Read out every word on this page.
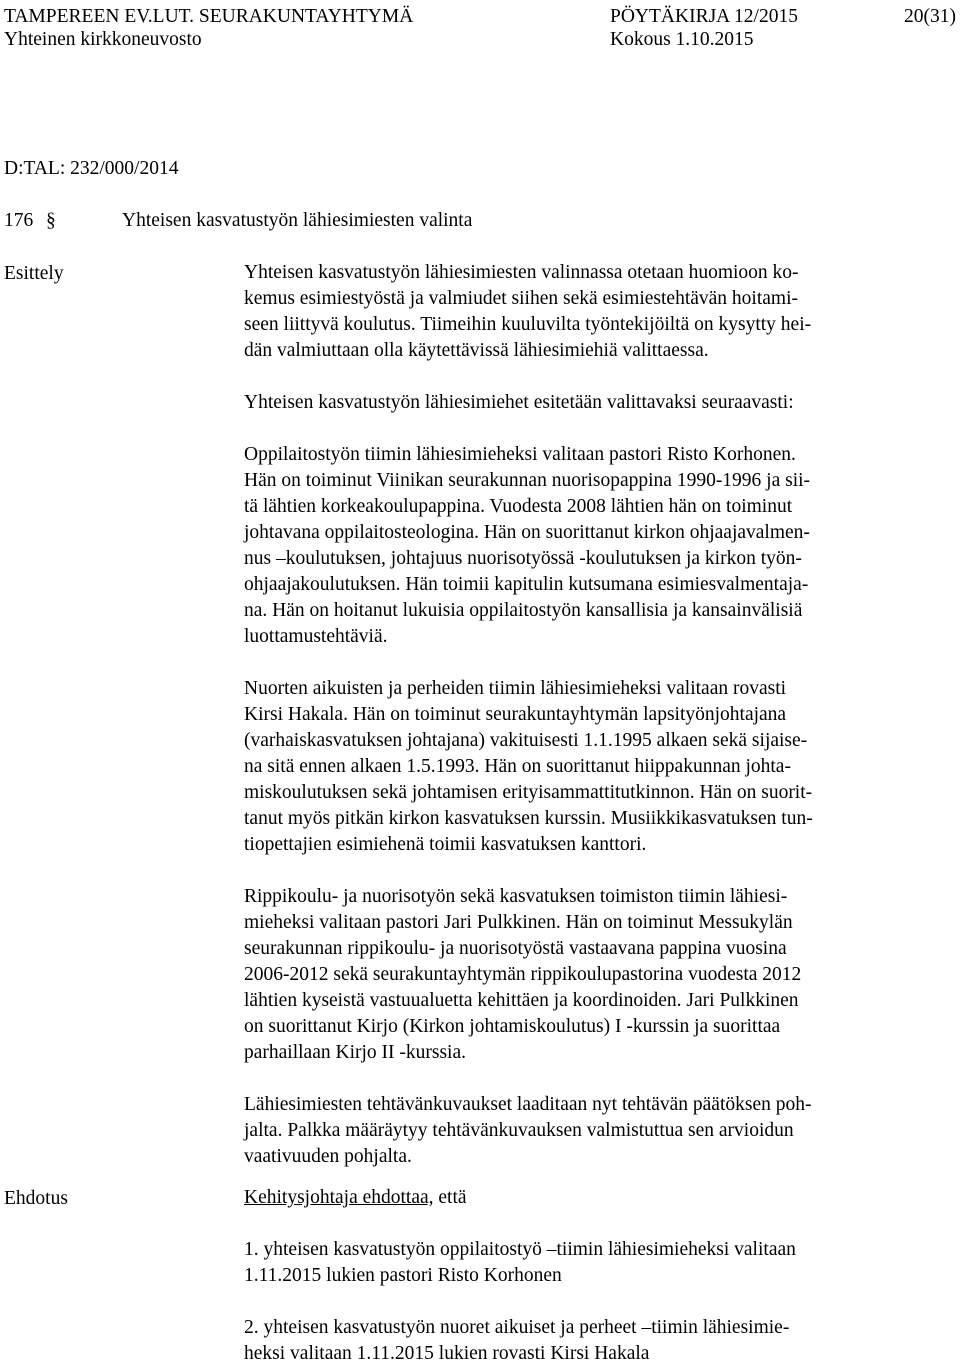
TAMPEREEN EV.LUT. SEURAKUNTAYHTYMÄ	PÖYTÄKIRJA 12/2015	20(31)
Yhteinen kirkkoneuvosto	Kokous 1.10.2015
D:TAL: 232/000/2014
176 §	Yhteisen kasvatustyön lähiesimiesten valinta
Esittely	Yhteisen kasvatustyön lähiesimiesten valinnassa otetaan huomioon ko-

kemus esimiestyöstä ja valmiudet siihen sekä esimiestehtävän hoitami-

seen liittyvä koulutus. Tiimeihin kuuluvilta työntekijöiltä on kysytty hei-

dän valmiuttaan olla käytettävissä lähiesimiehiä valittaessa.

Yhteisen kasvatustyön lähiesimiehet esitetään valittavaksi seuraavasti:

Oppilaitostyön tiimin lähiesimieheksi valitaan pastori Risto Korhonen.

Hän on toiminut Viinikan seurakunnan nuorisopappina 1990-1996 ja sii-

tä lähtien korkeakoulupappina. Vuodesta 2008 lähtien hän on toiminut

johtavana oppilaitosteologina. Hän on suorittanut kirkon ohjaajavalmen-

nus –koulutuksen, johtajuus nuorisotyössä -koulutuksen ja kirkon työn-

ohjaajakoulutuksen. Hän toimii kapitulin kutsumana esimiesvalmentaja-

na. Hän on hoitanut lukuisia oppilaitostyön kansallisia ja kansainvälisiä

luottamustehtäviä.

Nuorten aikuisten ja perheiden tiimin lähiesimieheksi valitaan rovasti

Kirsi Hakala. Hän on toiminut seurakuntayhtymän lapsityönjohtajana

(varhaiskasvatuksen johtajana) vakituisesti 1.1.1995 alkaen sekä sijaise-

na sitä ennen alkaen 1.5.1993. Hän on suorittanut hiippakunnan johta-

miskoulutuksen sekä johtamisen erityisammattitutkinnon. Hän on suorit-

tanut myös pitkän kirkon kasvatuksen kurssin. Musiikkikasvatuksen tun-

tiopettajien esimiehenä toimii kasvatuksen kanttori.

Rippikoulu- ja nuorisotyön sekä kasvatuksen toimiston tiimin lähiesi-

mieheksi valitaan pastori Jari Pulkkinen. Hän on toiminut Messukylän

seurakunnan rippikoulu- ja nuorisotyöstä vastaavana pappina vuosina

2006-2012 sekä seurakuntayhtymän rippikoulupastorina vuodesta 2012

lähtien kyseistä vastuualuetta kehittäen ja koordinoiden. Jari Pulkkinen

on suorittanut Kirjo (Kirkon johtamiskoulutus) I -kurssin ja suorittaa

parhaillaan Kirjo II -kurssia.

Lähiesimiesten tehtävänkuvaukset laaditaan nyt tehtävän päätöksen poh-

jalta. Palkka määräytyy tehtävänkuvauksen valmistuttua sen arvioidun

vaativuuden pohjalta.

Ehdotus	Kehitysjohtaja ehdottaa, että

1. yhteisen kasvatustyön oppilaitostyö –tiimin lähiesimieheksi valitaan

1.11.2015 lukien pastori Risto Korhonen

2. yhteisen kasvatustyön nuoret aikuiset ja perheet –tiimin lähiesimie-

heksi valitaan 1.11.2015 lukien rovasti Kirsi Hakala
